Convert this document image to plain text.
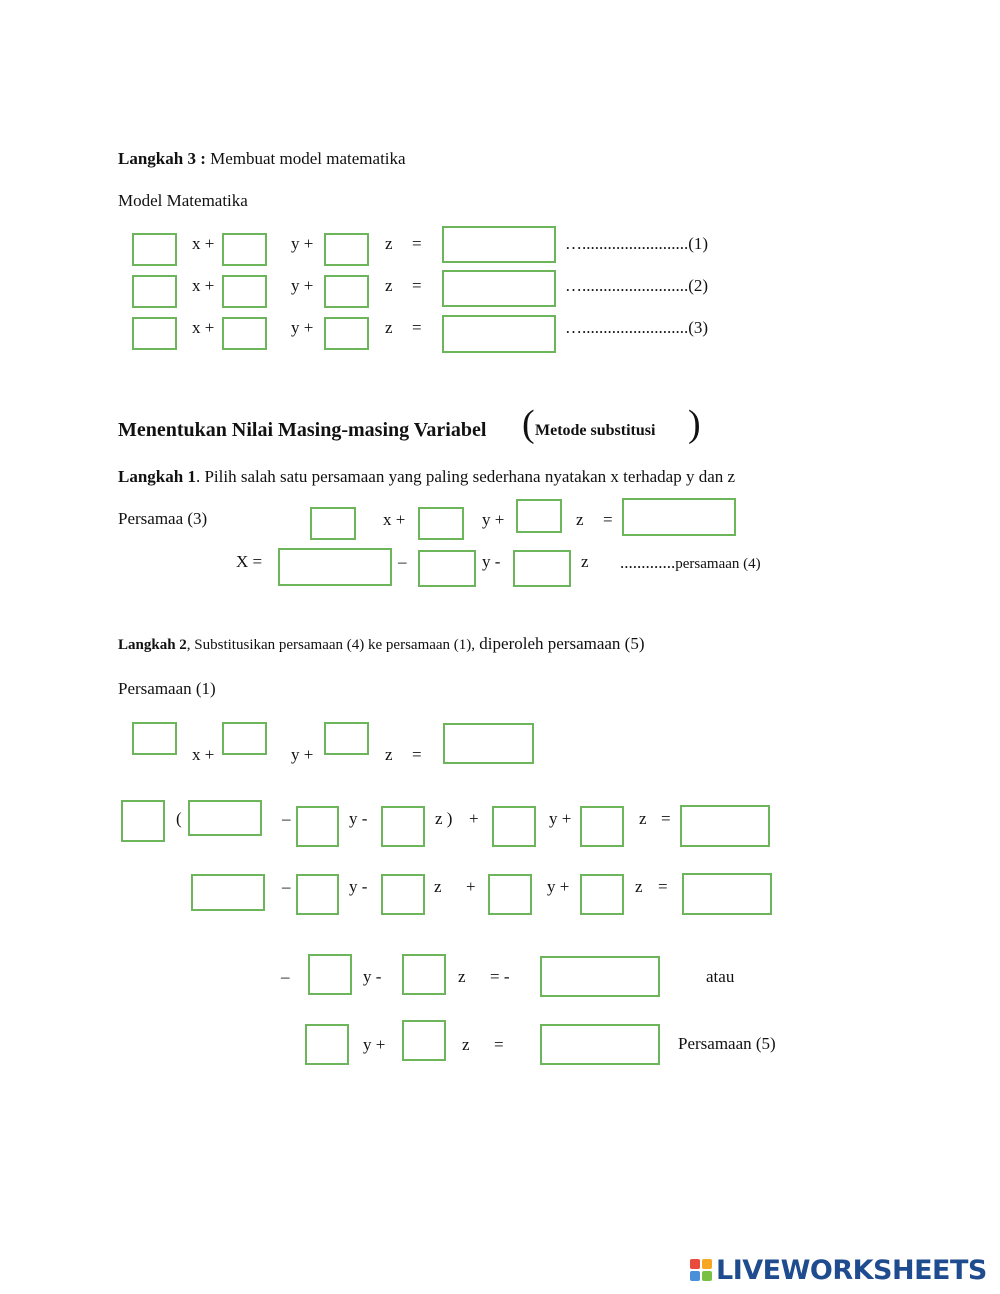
Langkah 3 : Membuat model matematika
Model Matematika
x +	y +	z =	….........................(1)
x +	y +	z =	….........................(2)
x +	y +	z =	….........................(3)
Menentukan Nilai Masing-masing Variabel ( Metode substitusi )
Langkah 1. Pilih salah satu persamaan yang paling sederhana nyatakan x terhadap y dan z
Persamaa (3)	x +	y +	z =
X =	–	y -	z .............persamaan (4)
Langkah 2, Substitusikan persamaan (4) ke persamaan (1), diperoleh persamaan (5)
Persamaan (1)
x +	y +	z =
(	–	y -	z ) +	y +	z =
–	y -	z +	y +	z =
–	y -	z = -	atau
y +	z =	Persamaan (5)
LIVEWORKSHEETS
